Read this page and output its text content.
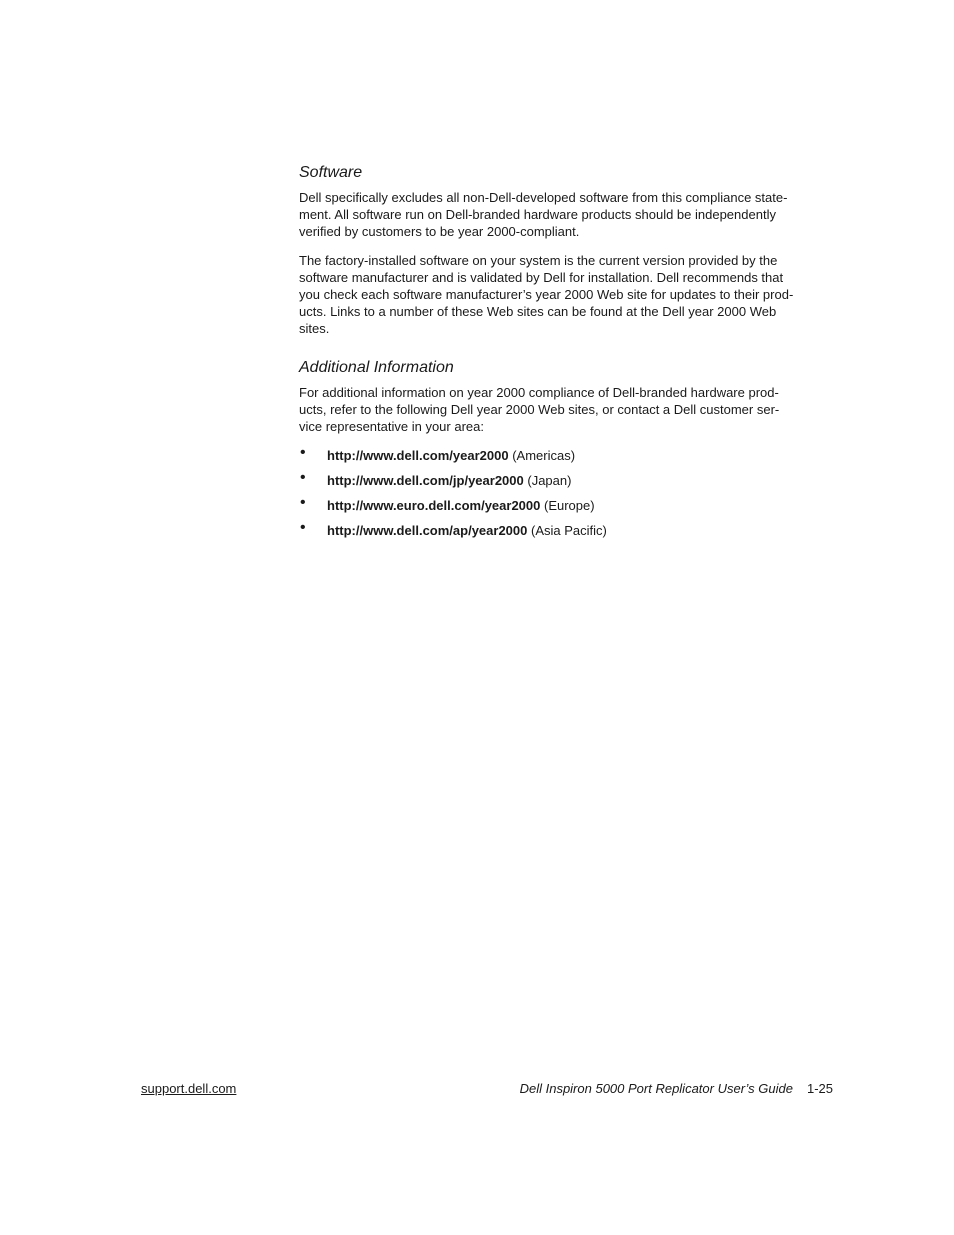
Software

Dell specifically excludes all non-Dell-developed software from this compliance state-
ment. All software run on Dell-branded hardware products should be independently
verified by customers to be year 2000-compliant.

The factory-installed software on your system is the current version provided by the
software manufacturer and is validated by Dell for installation. Dell recommends that
you check each software manufacturer’s year 2000 Web site for updates to their prod-
ucts. Links to a number of these Web sites can be found at the Dell year 2000 Web
sites.

Additional Information

For additional information on year 2000 compliance of Dell-branded hardware prod-
ucts, refer to the following Dell year 2000 Web sites, or contact a Dell customer ser-
vice representative in your area:

• http://www.dell.com/year2000 (Americas)
• http://www.dell.com/jp/year2000 (Japan)
• http://www.euro.dell.com/year2000 (Europe)
• http://www.dell.com/ap/year2000 (Asia Pacific)
support.dell.com	Dell Inspiron 5000 Port Replicator User’s Guide 1-25
